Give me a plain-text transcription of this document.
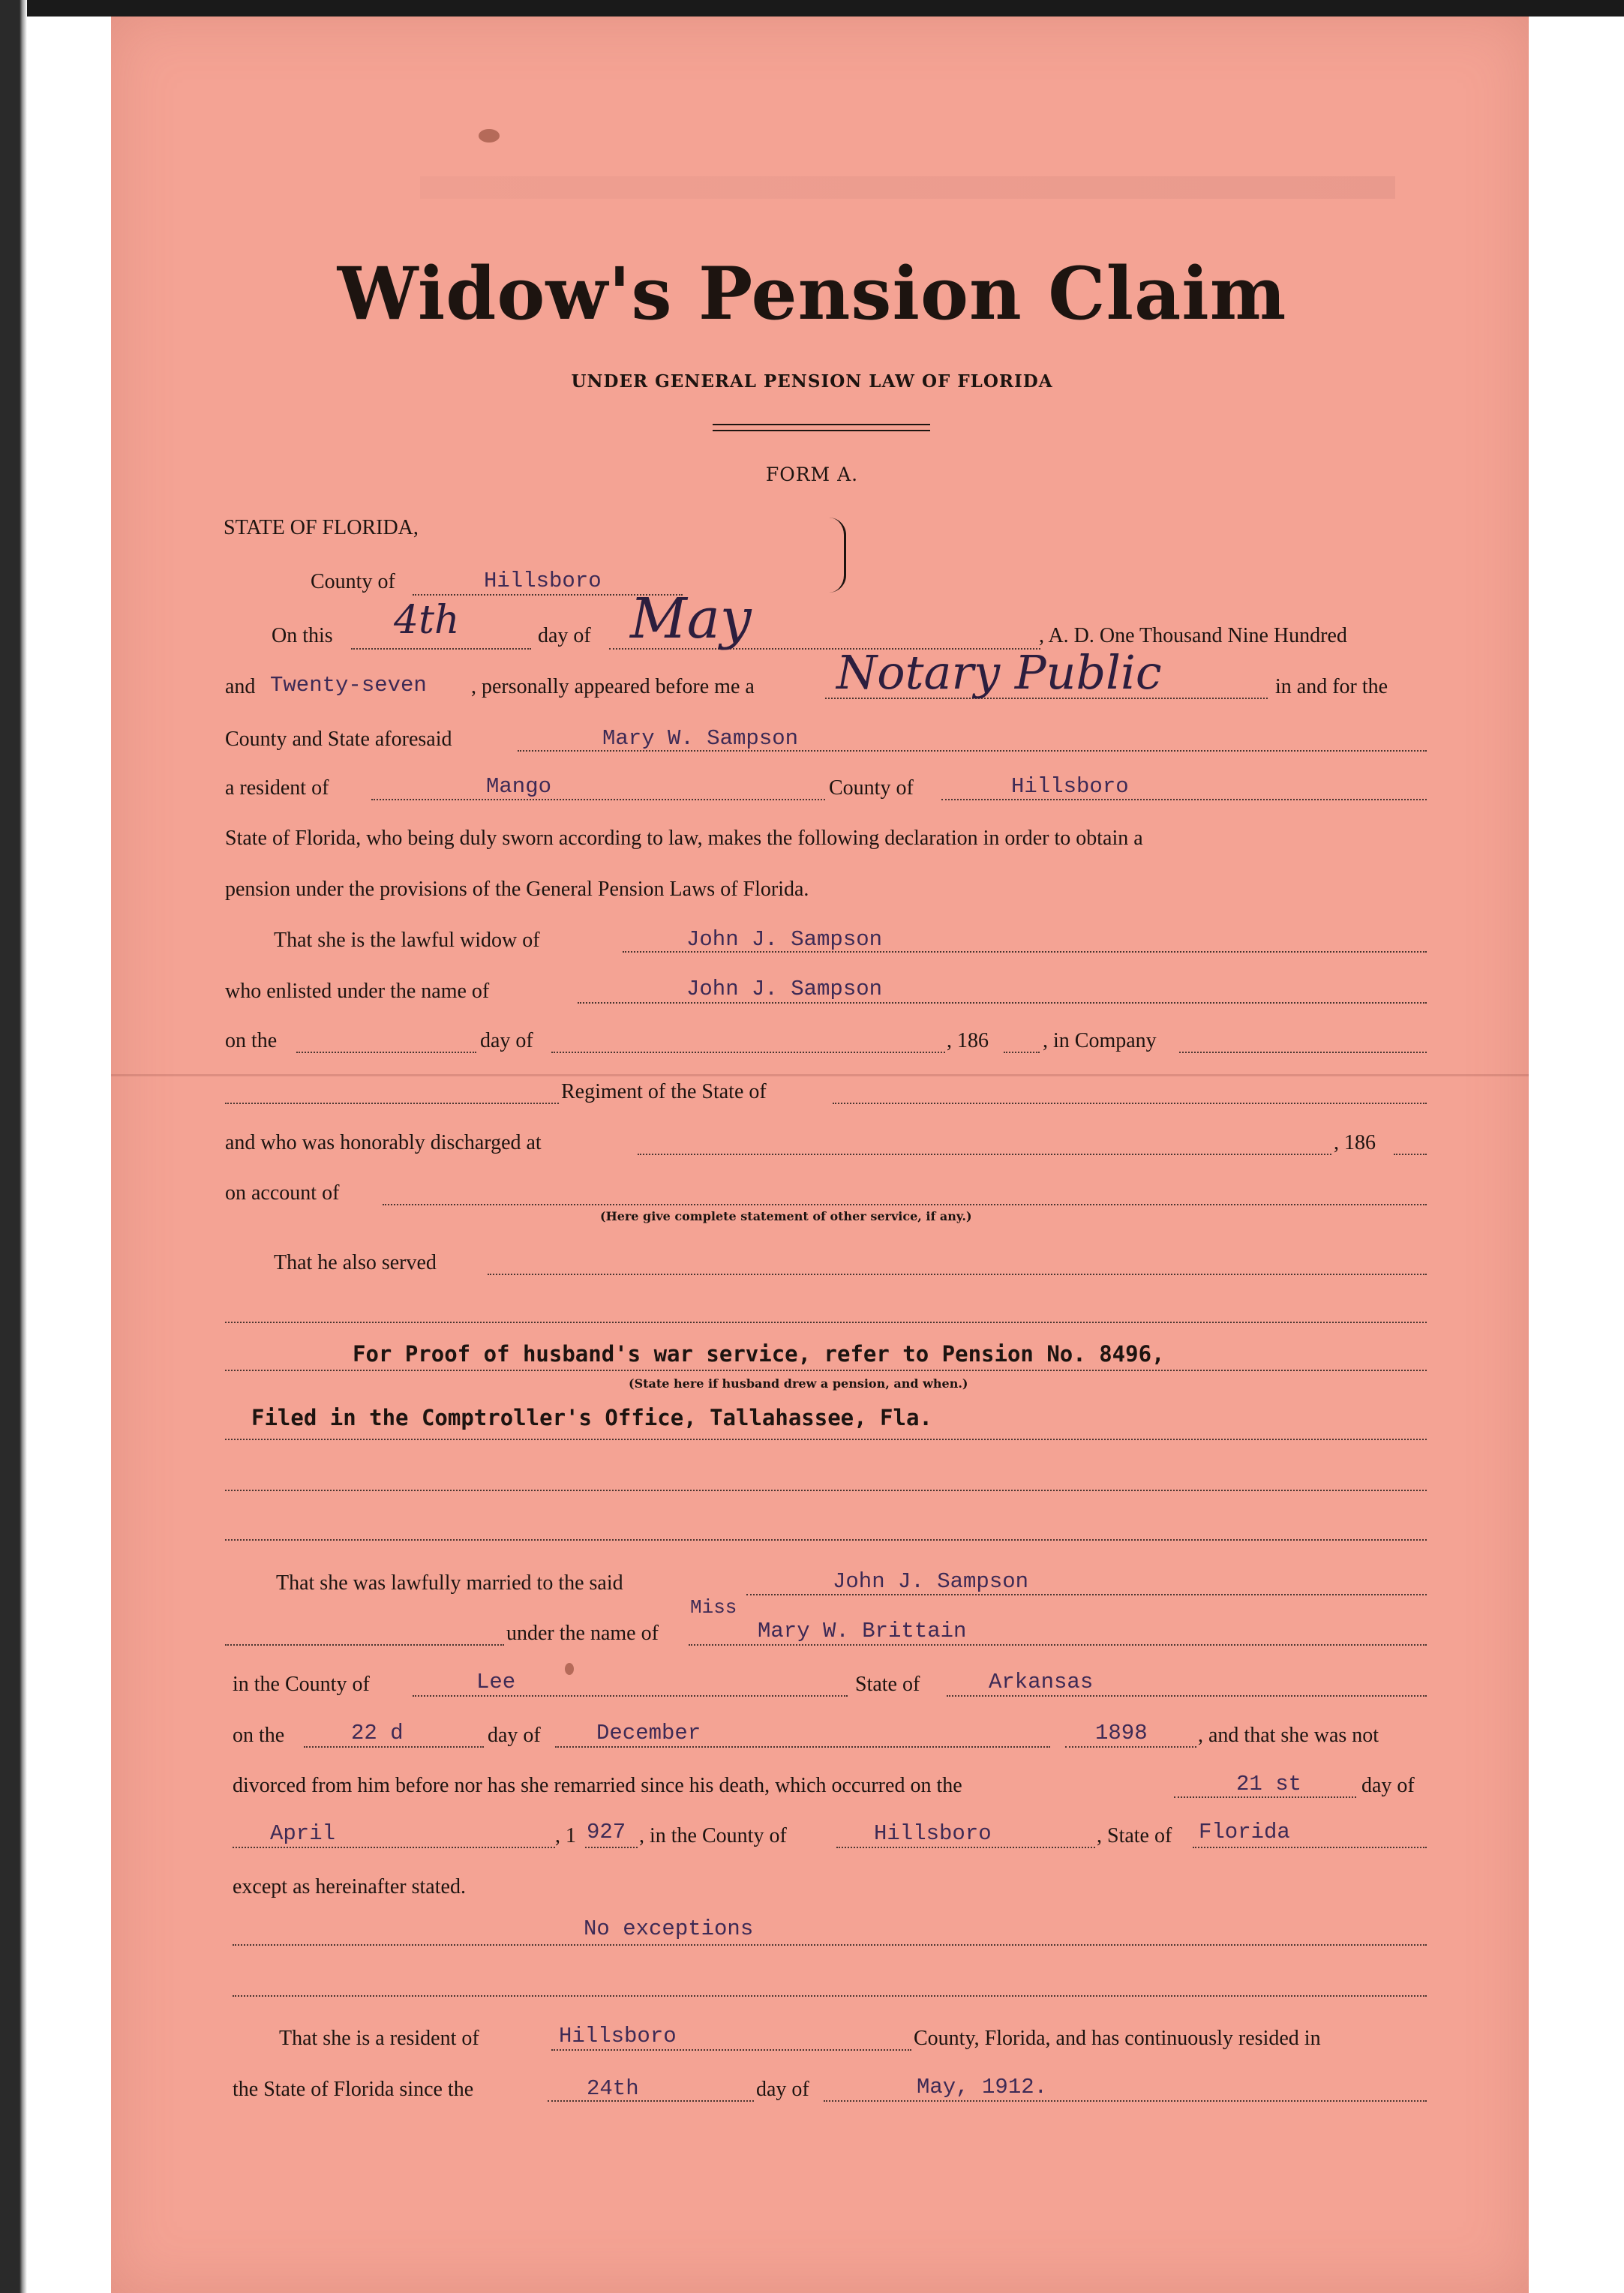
Widow's Pension Claim
UNDER GENERAL PENSION LAW OF FLORIDA
FORM A.
STATE OF FLORIDA,
County of	Hillsboro
On this 4th	day of May	, A. D. One Thousand Nine Hundred
and Twenty-seven , personally appeared before me a Notary Public	in and for the
County and State aforesaid	Mary W. Sampson
a resident of	Mango	County of	Hillsboro
State of Florida, who being duly sworn according to law, makes the following declaration in order to obtain a
pension under the provisions of the General Pension Laws of Florida.
That she is the lawful widow of	John J. Sampson
who enlisted under the name of	John J. Sampson
on the	day of	, 186	, in Company
Regiment of the State of
and who was honorably discharged at	, 186
on account of
(Here give complete statement of other service, if any.)
That he also served
For Proof of husband's war service, refer to Pension No. 8496,
(State here if husband drew a pension, and when.)
Filed in the Comptroller's Office, Tallahassee, Fla.
That she was lawfully married to the said	John J. Sampson
under the name of
Miss
Mary W. Brittain
in the County of	Lee	State of	Arkansas
on the	22 d	day of	December	1898 , and that she was not
divorced from him before nor has she remarried since his death, which occurred on the	21 st	day of
April	, 1 927 , in the County of	Hillsboro	, State of Florida
except as hereinafter stated.
No exceptions
That she is a resident of	Hillsboro	County, Florida, and has continuously resided in
the State of Florida since the	24th	day of	May, 1912.
